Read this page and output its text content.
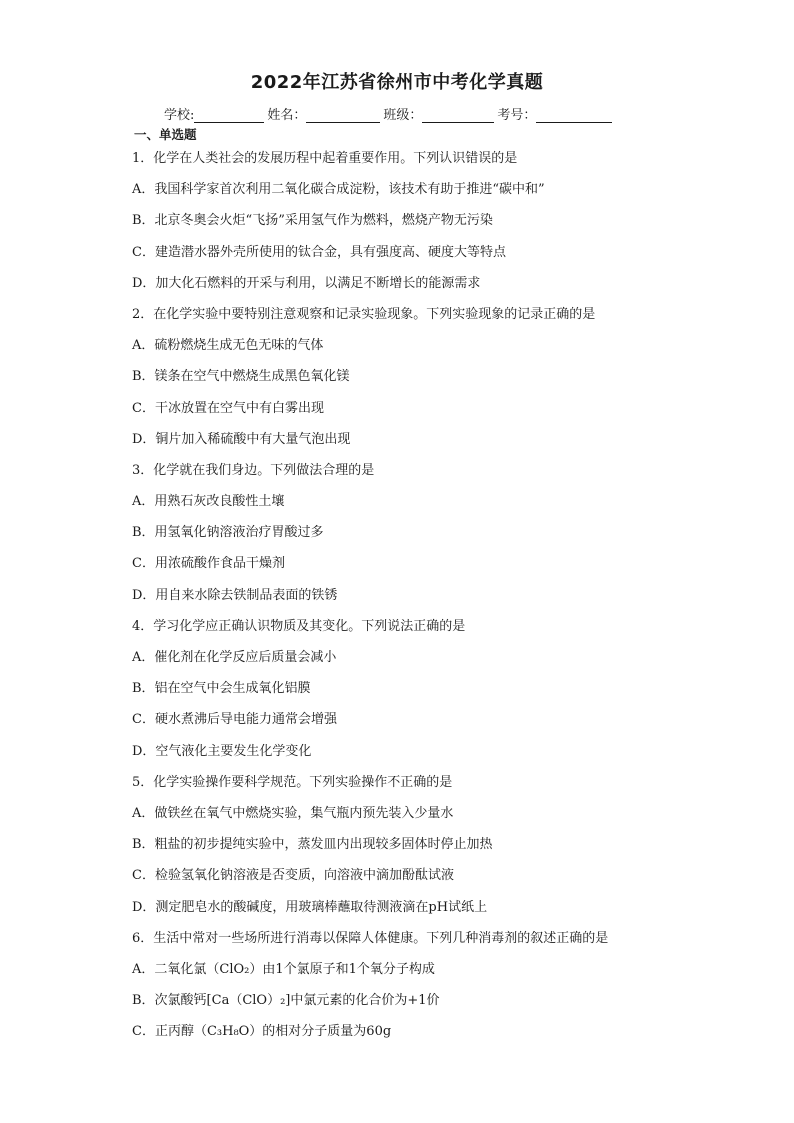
2022年江苏省徐州市中考化学真题
学校:	姓名：	班级：	考号：
一、单选题
1．化学在人类社会的发展历程中起着重要作用。下列认识错误的是
A．我国科学家首次利用二氧化碳合成淀粉，该技术有助于推进“碳中和”
B．北京冬奥会火炬“飞扬”采用氢气作为燃料，燃烧产物无污染
C．建造潜水器外壳所使用的钛合金，具有强度高、硬度大等特点
D．加大化石燃料的开采与利用，以满足不断增长的能源需求
2．在化学实验中要特别注意观察和记录实验现象。下列实验现象的记录正确的是
A．硫粉燃烧生成无色无味的气体
B．镁条在空气中燃烧生成黑色氧化镁
C．干冰放置在空气中有白雾出现
D．铜片加入稀硫酸中有大量气泡出现
3．化学就在我们身边。下列做法合理的是
A．用熟石灰改良酸性土壤
B．用氢氧化钠溶液治疗胃酸过多
C．用浓硫酸作食品干燥剂
D．用自来水除去铁制品表面的铁锈
4．学习化学应正确认识物质及其变化。下列说法正确的是
A．催化剂在化学反应后质量会减小
B．铝在空气中会生成氧化铝膜
C．硬水煮沸后导电能力通常会增强
D．空气液化主要发生化学变化
5．化学实验操作要科学规范。下列实验操作不正确的是
A．做铁丝在氧气中燃烧实验，集气瓶内预先装入少量水
B．粗盐的初步提纯实验中，蒸发皿内出现较多固体时停止加热
C．检验氢氧化钠溶液是否变质，向溶液中滴加酚酞试液
D．测定肥皂水的酸碱度，用玻璃棒蘸取待测液滴在pH试纸上
6．生活中常对一些场所进行消毒以保障人体健康。下列几种消毒剂的叙述正确的是
A．二氧化氯（ClO₂）由1个氯原子和1个氧分子构成
B．次氯酸钙[Ca（ClO）₂]中氯元素的化合价为+1价
C．正丙醇（C₃H₈O）的相对分子质量为60g
